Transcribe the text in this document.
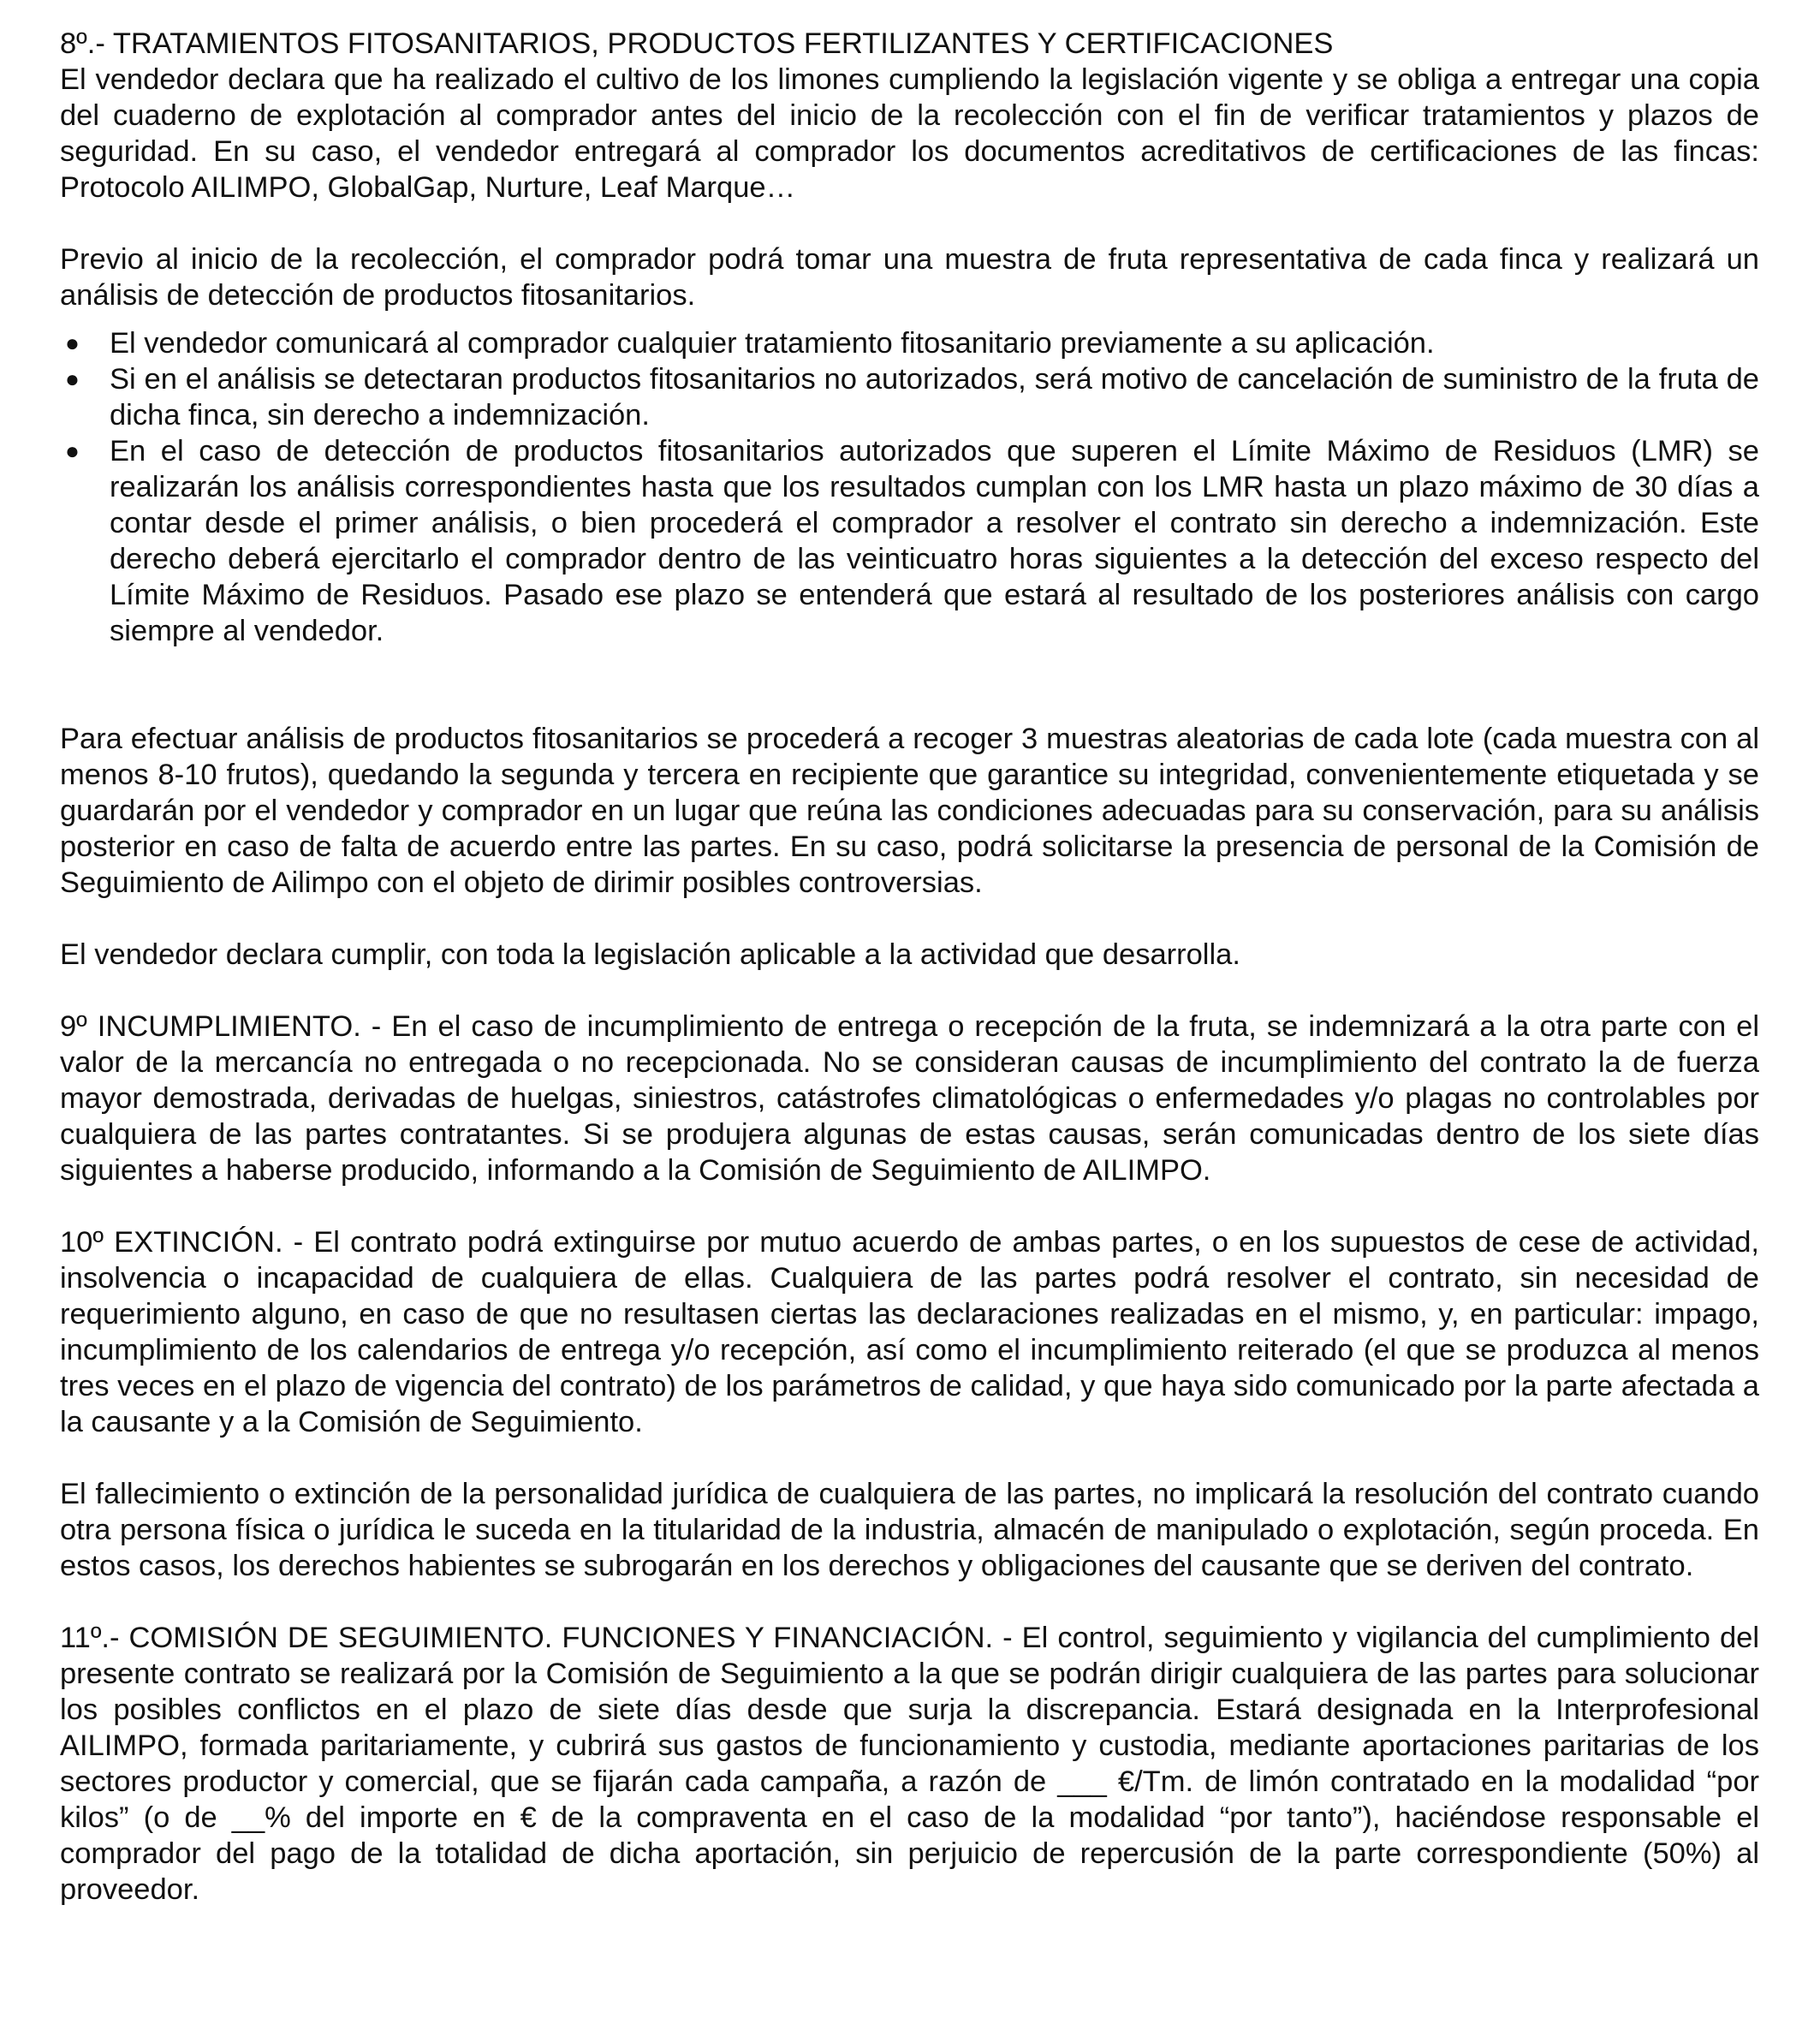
8º.- TRATAMIENTOS FITOSANITARIOS, PRODUCTOS FERTILIZANTES Y CERTIFICACIONES

El vendedor declara que ha realizado el cultivo de los limones cumpliendo la legislación vigente y se obliga a entregar una copia del cuaderno de explotación al comprador antes del inicio de la recolección con el fin de verificar tratamientos y plazos de seguridad. En su caso, el vendedor entregará al comprador los documentos acreditativos de certificaciones de las fincas: Protocolo AILIMPO, GlobalGap, Nurture, Leaf Marque…

Previo al inicio de la recolección, el comprador podrá tomar una muestra de fruta representativa de cada finca y realizará un análisis de detección de productos fitosanitarios.

● El vendedor comunicará al comprador cualquier tratamiento fitosanitario previamente a su aplicación.
● Si en el análisis se detectaran productos fitosanitarios no autorizados, será motivo de cancelación de suministro de la fruta de dicha finca, sin derecho a indemnización.
● En el caso de detección de productos fitosanitarios autorizados que superen el Límite Máximo de Residuos (LMR) se realizarán los análisis correspondientes hasta que los resultados cumplan con los LMR hasta un plazo máximo de 30 días a contar desde el primer análisis, o bien procederá el comprador a resolver el contrato sin derecho a indemnización. Este derecho deberá ejercitarlo el comprador dentro de las veinticuatro horas siguientes a la detección del exceso respecto del Límite Máximo de Residuos. Pasado ese plazo se entenderá que estará al resultado de los posteriores análisis con cargo siempre al vendedor.

Para efectuar análisis de productos fitosanitarios se procederá a recoger 3 muestras aleatorias de cada lote (cada muestra con al menos 8-10 frutos), quedando la segunda y tercera en recipiente que garantice su integridad, convenientemente etiquetada y se guardarán por el vendedor y comprador en un lugar que reúna las condiciones adecuadas para su conservación, para su análisis posterior en caso de falta de acuerdo entre las partes. En su caso, podrá solicitarse la presencia de personal de la Comisión de Seguimiento de Ailimpo con el objeto de dirimir posibles controversias.

El vendedor declara cumplir, con toda la legislación aplicable a la actividad que desarrolla.

9º INCUMPLIMIENTO. - En el caso de incumplimiento de entrega o recepción de la fruta, se indemnizará a la otra parte con el valor de la mercancía no entregada o no recepcionada. No se consideran causas de incumplimiento del contrato la de fuerza mayor demostrada, derivadas de huelgas, siniestros, catástrofes climatológicas o enfermedades y/o plagas no controlables por cualquiera de las partes contratantes. Si se produjera algunas de estas causas, serán comunicadas dentro de los siete días siguientes a haberse producido, informando a la Comisión de Seguimiento de AILIMPO.

10º EXTINCIÓN. - El contrato podrá extinguirse por mutuo acuerdo de ambas partes, o en los supuestos de cese de actividad, insolvencia o incapacidad de cualquiera de ellas. Cualquiera de las partes podrá resolver el contrato, sin necesidad de requerimiento alguno, en caso de que no resultasen ciertas las declaraciones realizadas en el mismo, y, en particular: impago, incumplimiento de los calendarios de entrega y/o recepción, así como el incumplimiento reiterado (el que se produzca al menos tres veces en el plazo de vigencia del contrato) de los parámetros de calidad, y que haya sido comunicado por la parte afectada a la causante y a la Comisión de Seguimiento.

El fallecimiento o extinción de la personalidad jurídica de cualquiera de las partes, no implicará la resolución del contrato cuando otra persona física o jurídica le suceda en la titularidad de la industria, almacén de manipulado o explotación, según proceda. En estos casos, los derechos habientes se subrogarán en los derechos y obligaciones del causante que se deriven del contrato.

11º.- COMISIÓN DE SEGUIMIENTO. FUNCIONES Y FINANCIACIÓN. - El control, seguimiento y vigilancia del cumplimiento del presente contrato se realizará por la Comisión de Seguimiento a la que se podrán dirigir cualquiera de las partes para solucionar los posibles conflictos en el plazo de siete días desde que surja la discrepancia. Estará designada en la Interprofesional AILIMPO, formada paritariamente, y cubrirá sus gastos de funcionamiento y custodia, mediante aportaciones paritarias de los sectores productor y comercial, que se fijarán cada campaña, a razón de ___ €/Tm. de limón contratado en la modalidad “por kilos” (o de __% del importe en € de la compraventa en el caso de la modalidad “por tanto”), haciéndose responsable el comprador del pago de la totalidad de dicha aportación, sin perjuicio de repercusión de la parte correspondiente (50%) al proveedor.
